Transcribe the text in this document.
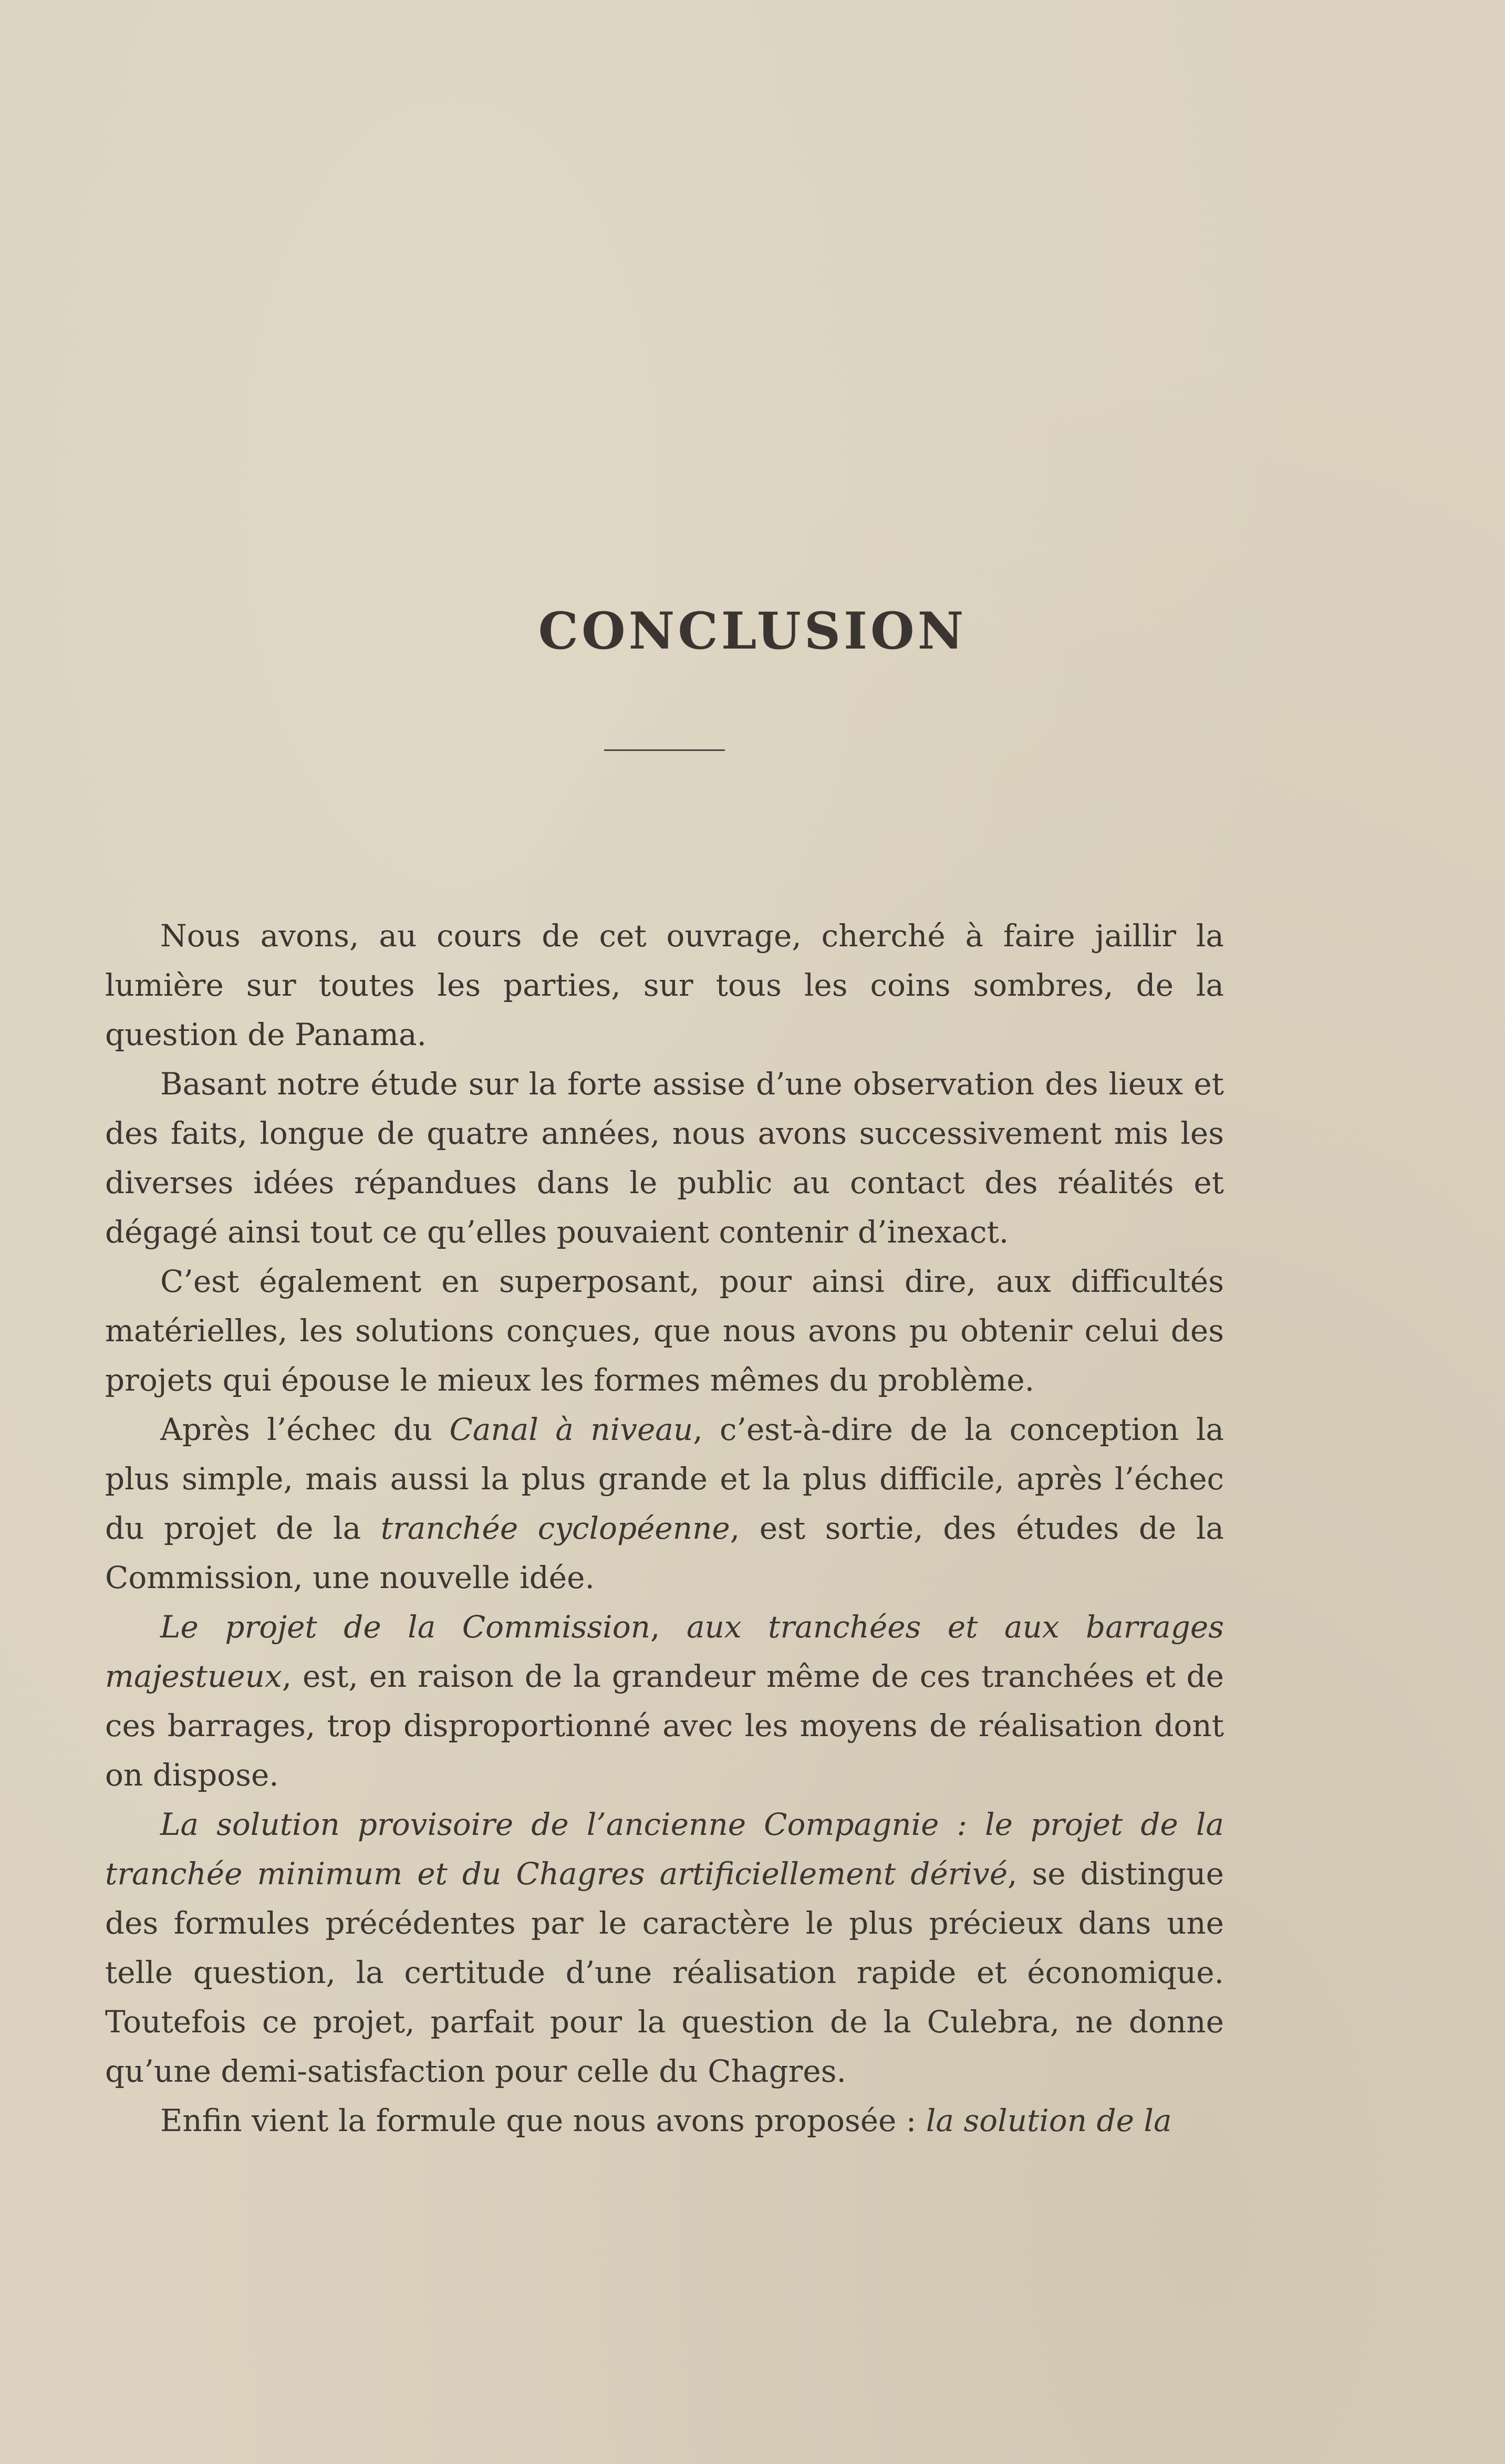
CONCLUSION

Nous avons, au cours de cet ouvrage, cherché à faire jaillir la lumière sur toutes les parties, sur tous les coins sombres, de la question de Panama.

Basant notre étude sur la forte assise d’une observation des lieux et des faits, longue de quatre années, nous avons successivement mis les diverses idées répandues dans le public au contact des réalités et dégagé ainsi tout ce qu’elles pouvaient contenir d’inexact.

C’est également en superposant, pour ainsi dire, aux difficultés matérielles, les solutions conçues, que nous avons pu obtenir celui des projets qui épouse le mieux les formes mêmes du problème.

Après l’échec du Canal à niveau, c’est-à-dire de la conception la plus simple, mais aussi la plus grande et la plus difficile, après l’échec du projet de la tranchée cyclopéenne, est sortie, des études de la Commission, une nouvelle idée.

Le projet de la Commission, aux tranchées et aux barrages majestueux, est, en raison de la grandeur même de ces tranchées et de ces barrages, trop disproportionné avec les moyens de réalisation dont on dispose.

La solution provisoire de l’ancienne Compagnie : le projet de la tranchée minimum et du Chagres artificiellement dérivé, se distingue des formules précédentes par le caractère le plus précieux dans une telle question, la certitude d’une réalisation rapide et économique. Toutefois ce projet, parfait pour la question de la Culebra, ne donne qu’une demi-satisfaction pour celle du Chagres.

Enfin vient la formule que nous avons proposée : la solution de la
